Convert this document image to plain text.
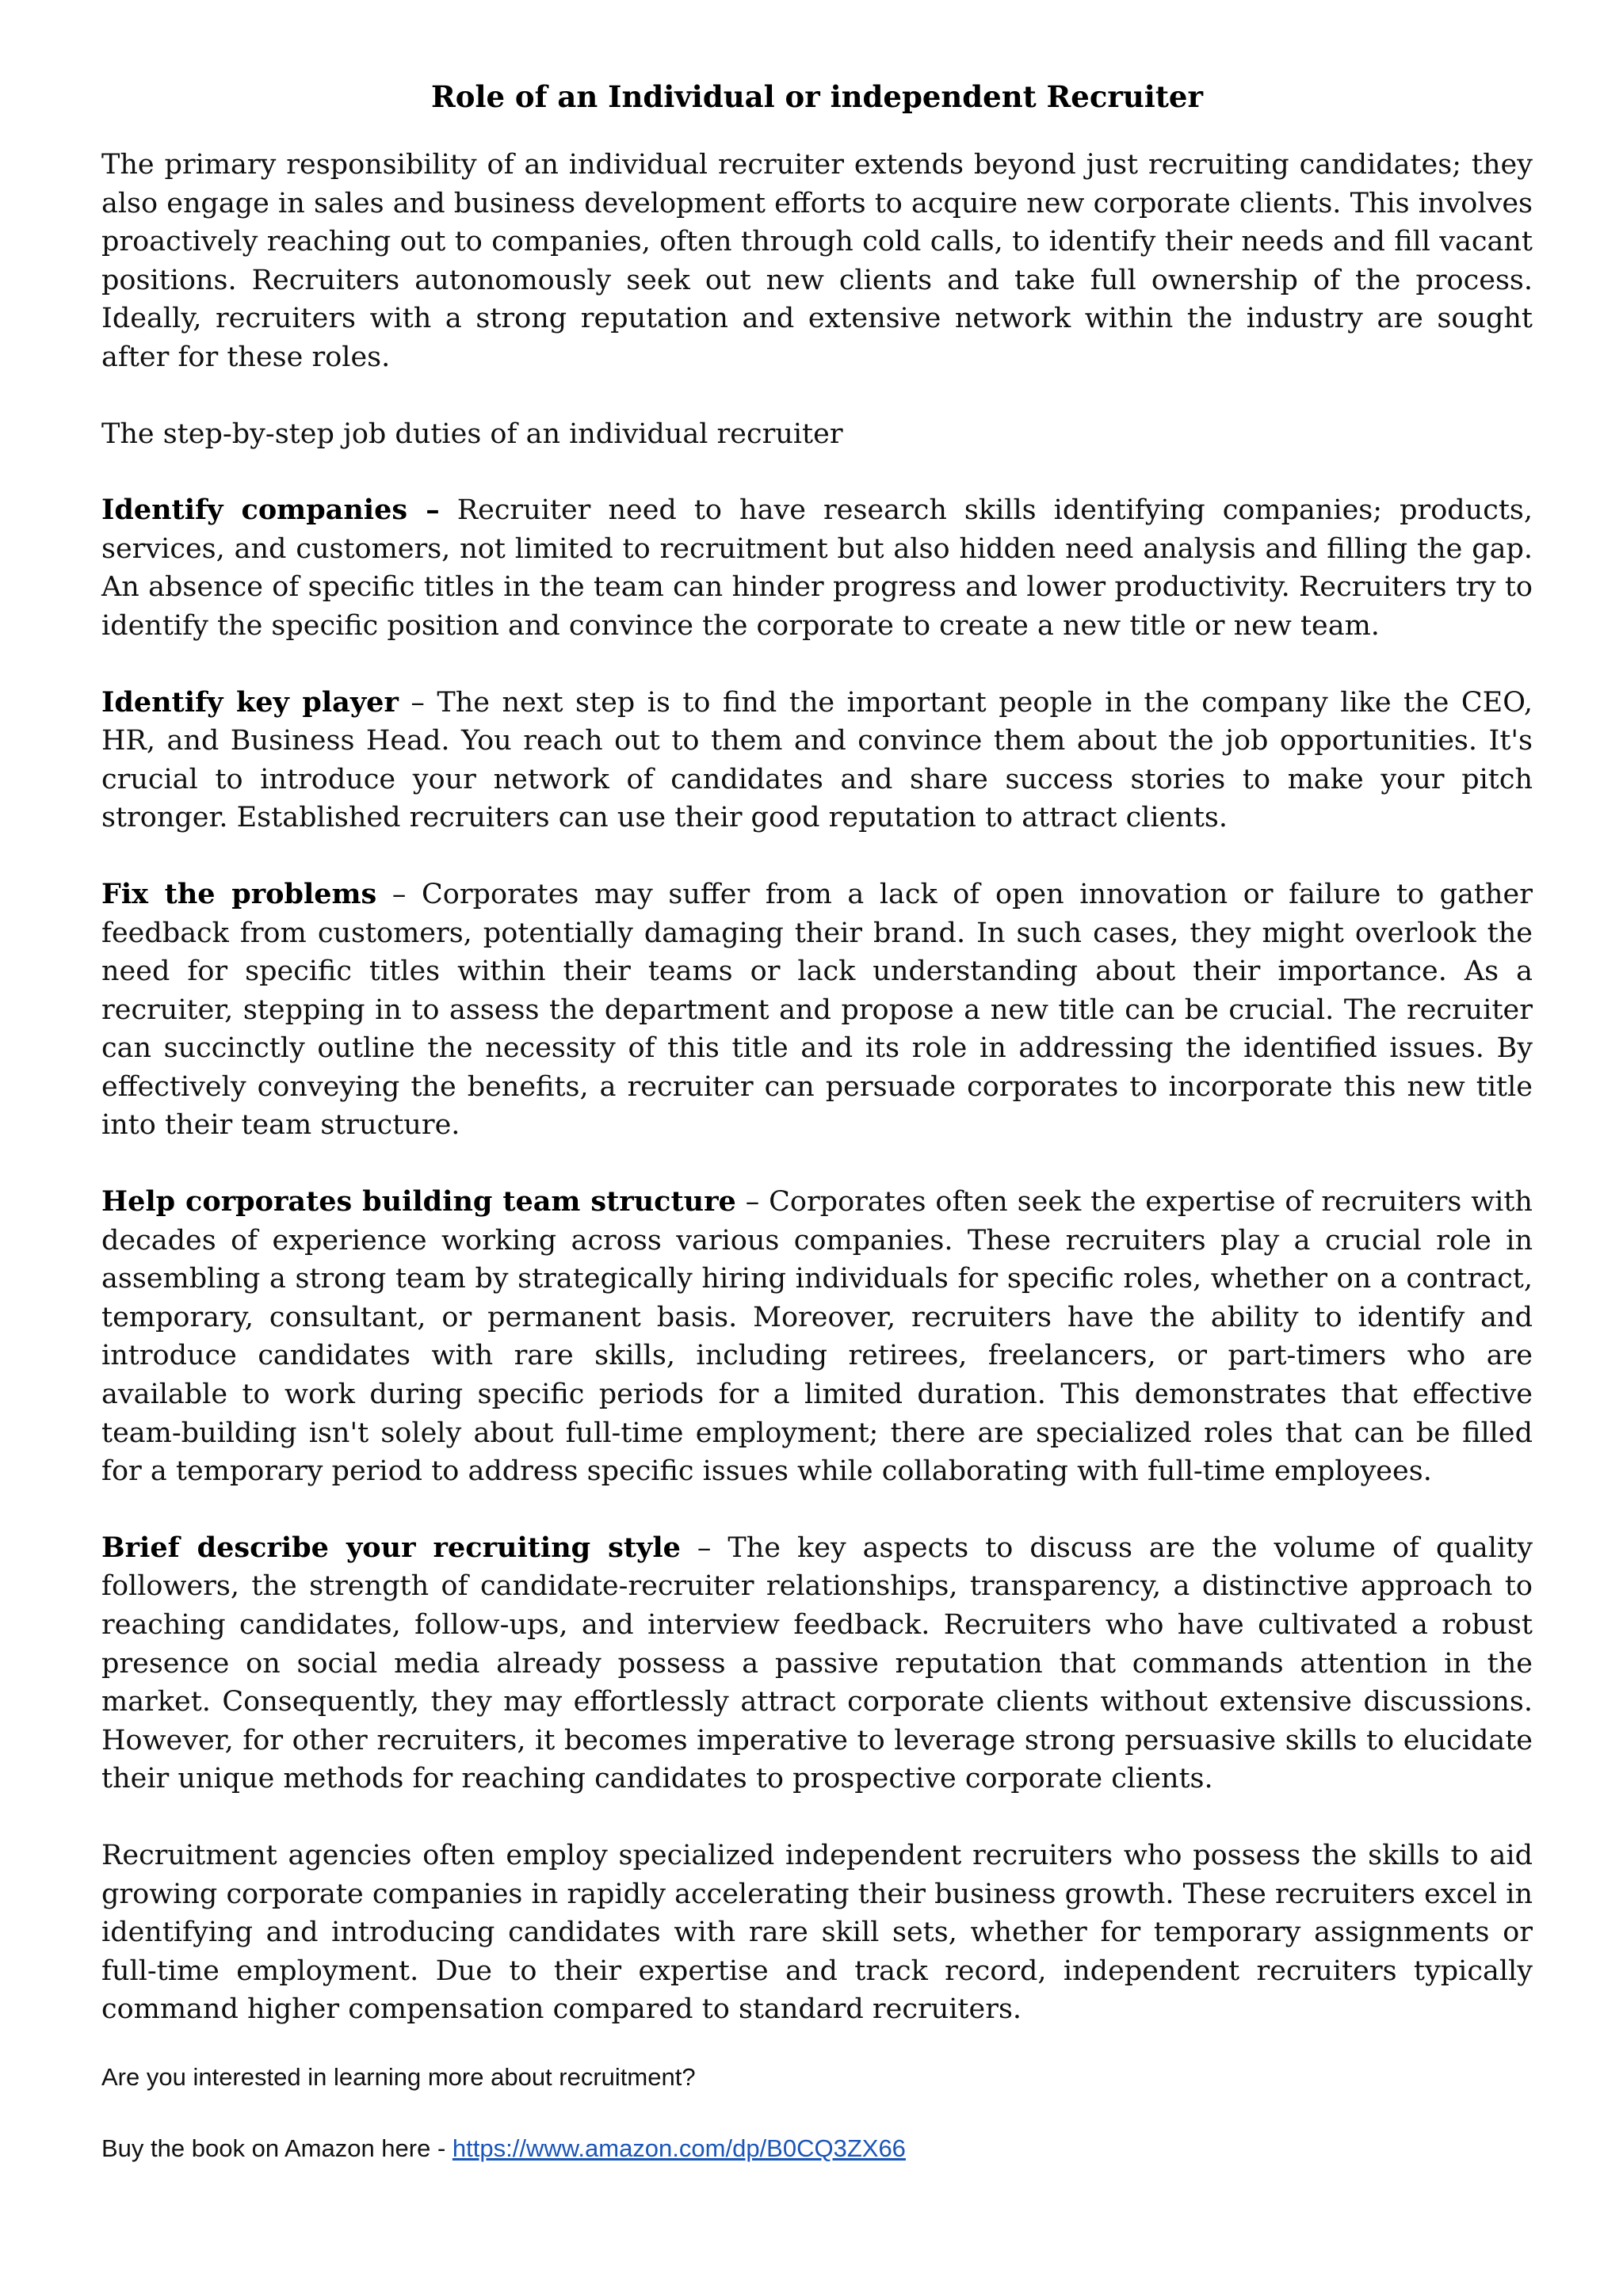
Role of an Individual or independent Recruiter

The primary responsibility of an individual recruiter extends beyond just recruiting candidates; they also engage in sales and business development efforts to acquire new corporate clients. This involves proactively reaching out to companies, often through cold calls, to identify their needs and fill vacant positions. Recruiters autonomously seek out new clients and take full ownership of the process. Ideally, recruiters with a strong reputation and extensive network within the industry are sought after for these roles.

The step-by-step job duties of an individual recruiter

Identify companies – Recruiter need to have research skills identifying companies; products, services, and customers, not limited to recruitment but also hidden need analysis and filling the gap. An absence of specific titles in the team can hinder progress and lower productivity. Recruiters try to identify the specific position and convince the corporate to create a new title or new team.

Identify key player – The next step is to find the important people in the company like the CEO, HR, and Business Head. You reach out to them and convince them about the job opportunities. It's crucial to introduce your network of candidates and share success stories to make your pitch stronger. Established recruiters can use their good reputation to attract clients.

Fix the problems – Corporates may suffer from a lack of open innovation or failure to gather feedback from customers, potentially damaging their brand. In such cases, they might overlook the need for specific titles within their teams or lack understanding about their importance. As a recruiter, stepping in to assess the department and propose a new title can be crucial. The recruiter can succinctly outline the necessity of this title and its role in addressing the identified issues. By effectively conveying the benefits, a recruiter can persuade corporates to incorporate this new title into their team structure.

Help corporates building team structure – Corporates often seek the expertise of recruiters with decades of experience working across various companies. These recruiters play a crucial role in assembling a strong team by strategically hiring individuals for specific roles, whether on a contract, temporary, consultant, or permanent basis. Moreover, recruiters have the ability to identify and introduce candidates with rare skills, including retirees, freelancers, or part-timers who are available to work during specific periods for a limited duration. This demonstrates that effective team-building isn't solely about full-time employment; there are specialized roles that can be filled for a temporary period to address specific issues while collaborating with full-time employees.

Brief describe your recruiting style – The key aspects to discuss are the volume of quality followers, the strength of candidate-recruiter relationships, transparency, a distinctive approach to reaching candidates, follow-ups, and interview feedback. Recruiters who have cultivated a robust presence on social media already possess a passive reputation that commands attention in the market. Consequently, they may effortlessly attract corporate clients without extensive discussions. However, for other recruiters, it becomes imperative to leverage strong persuasive skills to elucidate their unique methods for reaching candidates to prospective corporate clients.

Recruitment agencies often employ specialized independent recruiters who possess the skills to aid growing corporate companies in rapidly accelerating their business growth. These recruiters excel in identifying and introducing candidates with rare skill sets, whether for temporary assignments or full-time employment. Due to their expertise and track record, independent recruiters typically command higher compensation compared to standard recruiters.

Are you interested in learning more about recruitment?

Buy the book on Amazon here - https://www.amazon.com/dp/B0CQ3ZX66
